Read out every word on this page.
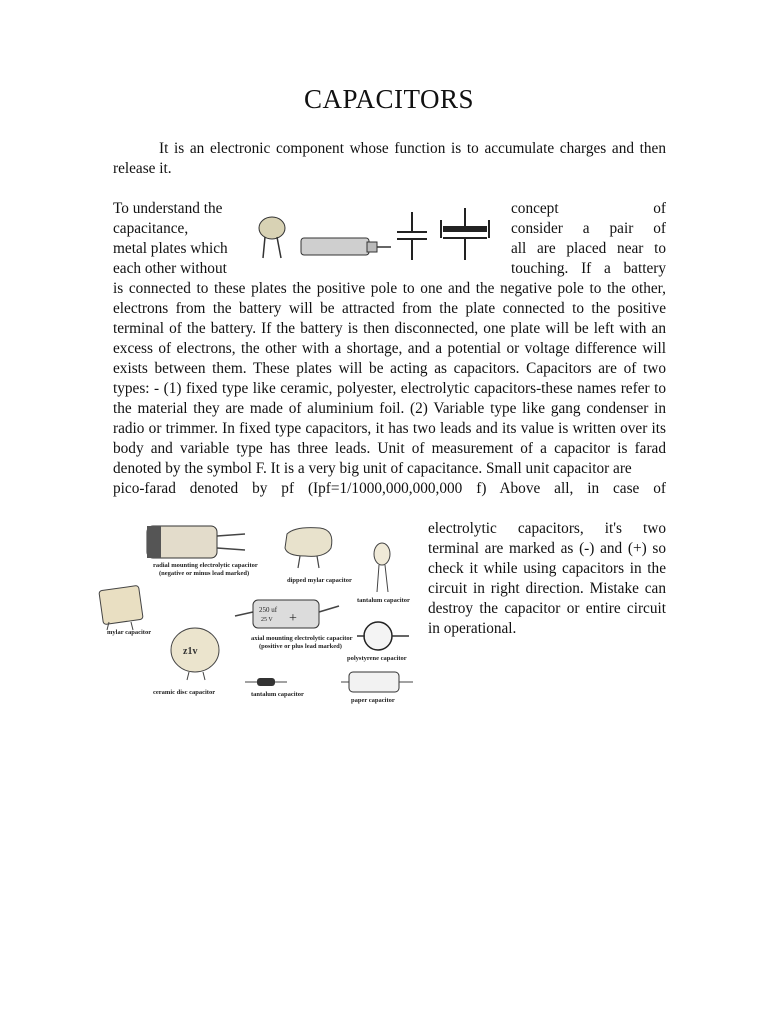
CAPACITORS

It is an electronic component whose function is to accumulate charges and then release it.

To understand the
capacitance,
metal plates which
each other without
concept of
consider a pair of
all are placed near to
touching. If a battery

is connected to these plates the positive pole to one and the negative pole to the other, electrons from the battery will be attracted from the plate connected to the positive terminal of the battery. If the battery is then disconnected, one plate will be left with an excess of electrons, the other with a shortage, and a potential or voltage difference will exists between them. These plates will be acting as capacitors. Capacitors are of two types: - (1) fixed type like ceramic, polyester, electrolytic capacitors-these names refer to the material they are made of aluminium foil. (2) Variable type like gang condenser in radio or trimmer. In fixed type capacitors, it has two leads and its value is written over its body and variable type has three leads. Unit of measurement of a capacitor is farad denoted by the symbol F. It is a very big unit of capacitance. Small unit capacitor are
pico-farad denoted by pf (Ipf=1/1000,000,000,000 f) Above all, in case of

radial mounting electrolytic capacitor
(negative or minus lead marked)
dipped mylar capacitor
tantalum capacitor
mylar capacitor
250 uf
25 V +
axial mounting electrolytic capacitor
(positive or plus lead marked)
polystyrene capacitor
z1v
ceramic disc capacitor	tantalum capacitor
paper capacitor

electrolytic capacitors, it's two terminal are marked as (-) and (+) so check it while using capacitors in the circuit in right direction. Mistake can destroy the capacitor or entire circuit in operational.
